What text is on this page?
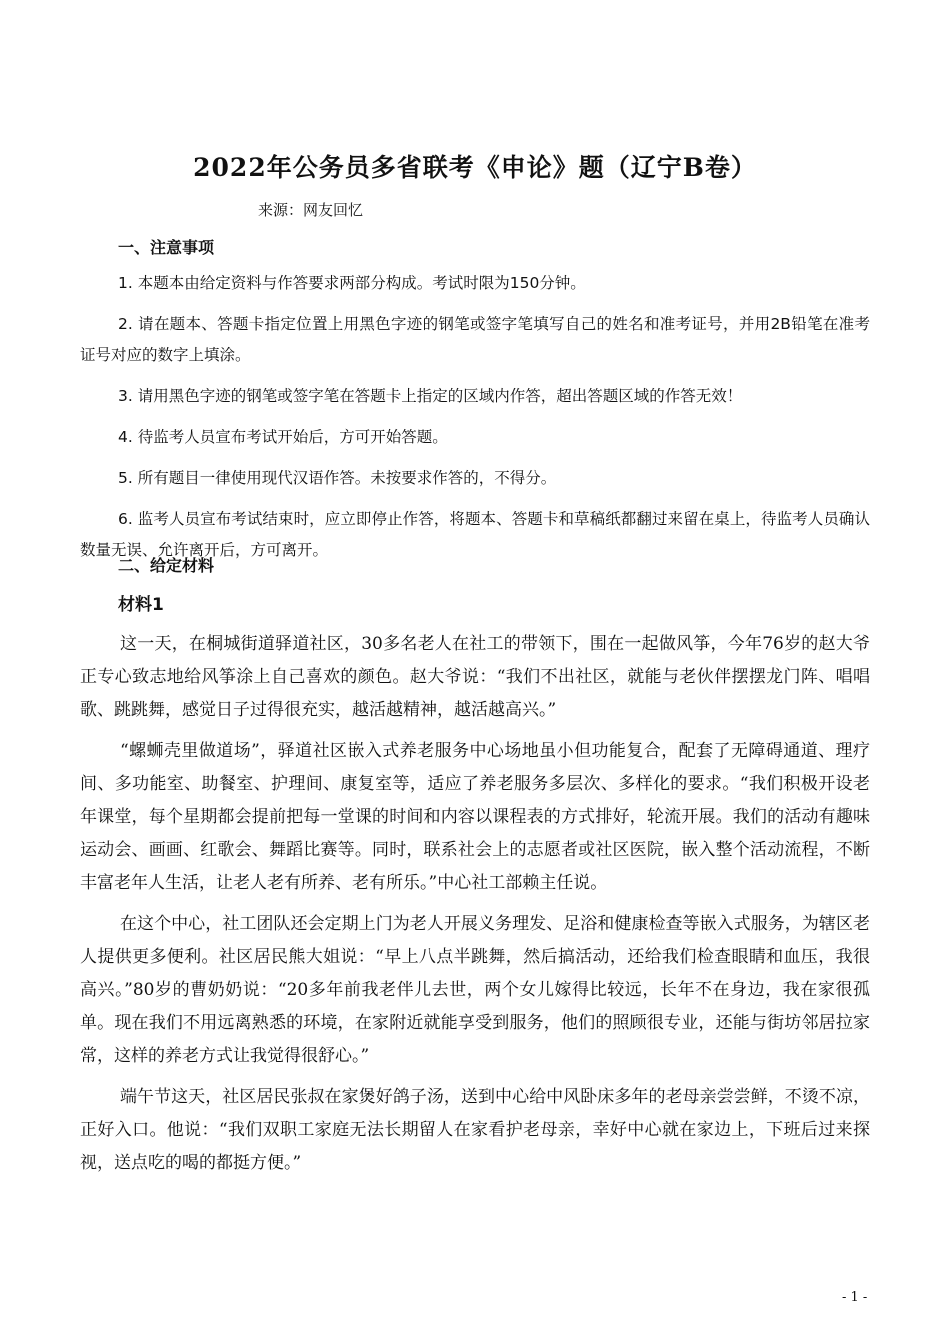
2022年公务员多省联考《申论》题（辽宁B卷）
来源：网友回忆
一、注意事项

1. 本题本由给定资料与作答要求两部分构成。考试时限为150分钟。

2. 请在题本、答题卡指定位置上用黑色字迹的钢笔或签字笔填写自己的姓名和准考证号，并用2B铅笔在准考证号对应的数字上填涂。

3. 请用黑色字迹的钢笔或签字笔在答题卡上指定的区域内作答，超出答题区域的作答无效！

4. 待监考人员宣布考试开始后，方可开始答题。

5. 所有题目一律使用现代汉语作答。未按要求作答的，不得分。

6. 监考人员宣布考试结束时，应立即停止作答，将题本、答题卡和草稿纸都翻过来留在桌上，待监考人员确认数量无误、允许离开后，方可离开。

二、给定材料
材料1

这一天，在桐城街道驿道社区，30多名老人在社工的带领下，围在一起做风筝，今年76岁的赵大爷正专心致志地给风筝涂上自己喜欢的颜色。赵大爷说：“我们不出社区，就能与老伙伴摆摆龙门阵、唱唱歌、跳跳舞，感觉日子过得很充实，越活越精神，越活越高兴。”

“螺蛳壳里做道场”，驿道社区嵌入式养老服务中心场地虽小但功能复合，配套了无障碍通道、理疗间、多功能室、助餐室、护理间、康复室等，适应了养老服务多层次、多样化的要求。“我们积极开设老年课堂，每个星期都会提前把每一堂课的时间和内容以课程表的方式排好，轮流开展。我们的活动有趣味运动会、画画、红歌会、舞蹈比赛等。同时，联系社会上的志愿者或社区医院，嵌入整个活动流程，不断丰富老年人生活，让老人老有所养、老有所乐。”中心社工部赖主任说。

在这个中心，社工团队还会定期上门为老人开展义务理发、足浴和健康检查等嵌入式服务，为辖区老人提供更多便利。社区居民熊大姐说：“早上八点半跳舞，然后搞活动，还给我们检查眼睛和血压，我很高兴。”80岁的曹奶奶说：“20多年前我老伴儿去世，两个女儿嫁得比较远，长年不在身边，我在家很孤单。现在我们不用远离熟悉的环境，在家附近就能享受到服务，他们的照顾很专业，还能与街坊邻居拉家常，这样的养老方式让我觉得很舒心。”

端午节这天，社区居民张叔在家煲好鸽子汤，送到中心给中风卧床多年的老母亲尝尝鲜，不烫不凉，正好入口。他说：“我们双职工家庭无法长期留人在家看护老母亲，幸好中心就在家边上，下班后过来探视，送点吃的喝的都挺方便。”

- 1 -
